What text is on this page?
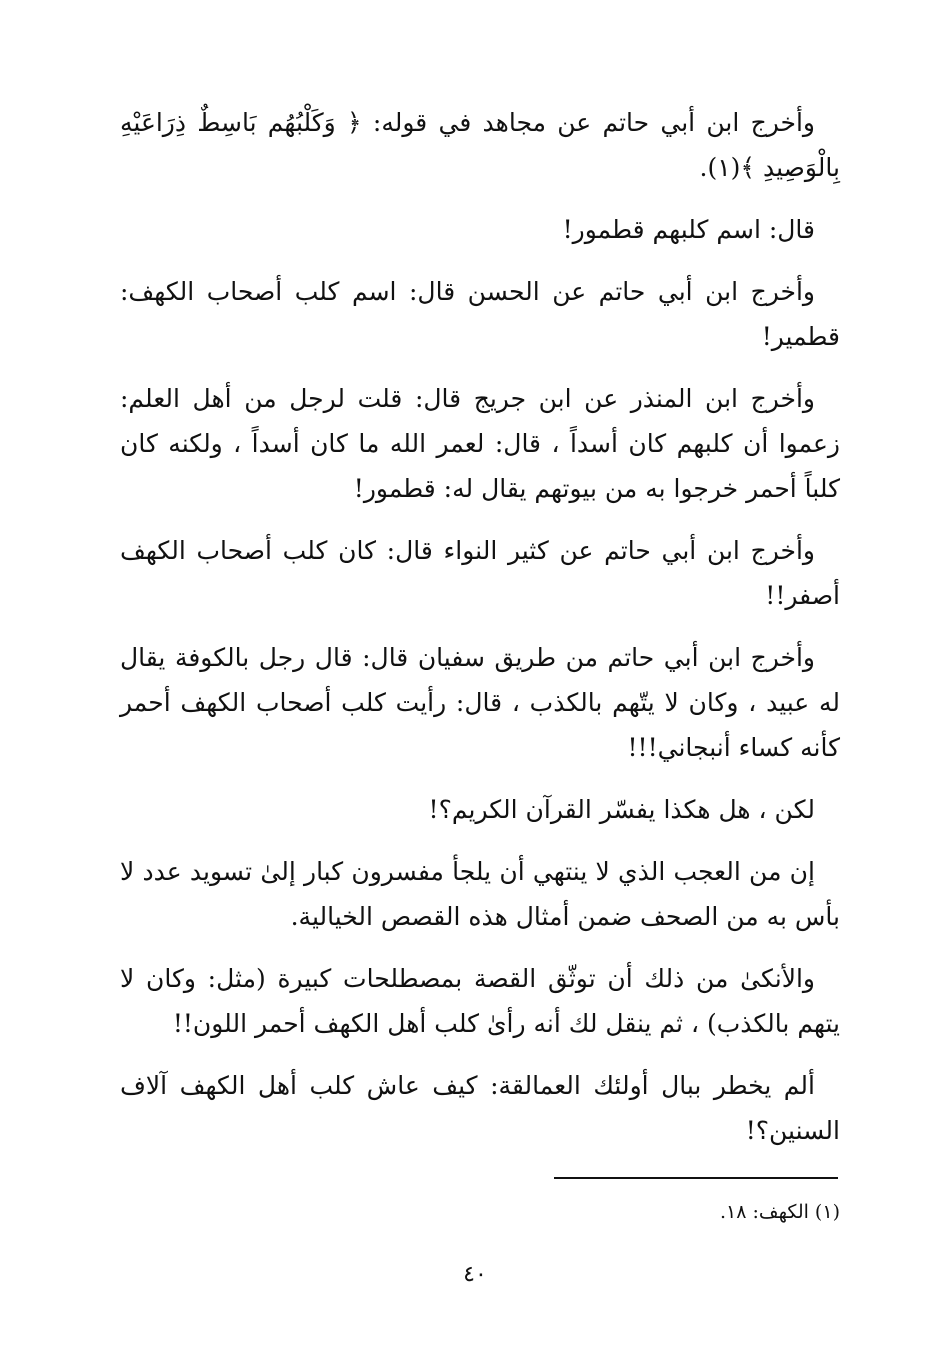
وأخرج ابن أبي حاتم عن مجاهد في قوله: ﴿ وَكَلْبُهُم بَاسِطٌ ذِرَاعَيْهِ بِالْوَصِيدِ ﴾(١).

قال: اسم كلبهم قطمور!

وأخرج ابن أبي حاتم عن الحسن قال: اسم كلب أصحاب الكهف: قطمير!

وأخرج ابن المنذر عن ابن جريج قال: قلت لرجل من أهل العلم: زعموا أن كلبهم كان أسداً ، قال: لعمر الله ما كان أسداً ، ولكنه كان كلباً أحمر خرجوا به من بيوتهم يقال له: قطمور!

وأخرج ابن أبي حاتم عن كثير النواء قال: كان كلب أصحاب الكهف أصفر!!

وأخرج ابن أبي حاتم من طريق سفيان قال: قال رجل بالكوفة يقال له عبيد ، وكان لا يتّهم بالكذب ، قال: رأيت كلب أصحاب الكهف أحمر كأنه كساء أنبجاني!!!

لكن ، هل هكذا يفسّر القرآن الكريم؟!

إن من العجب الذي لا ينتهي أن يلجأ مفسرون كبار إلىٰ تسويد عدد لا بأس به من الصحف ضمن أمثال هذه القصص الخيالية.

والأنكىٰ من ذلك أن توثّق القصة بمصطلحات كبيرة (مثل: وكان لا يتهم بالكذب) ، ثم ينقل لك أنه رأىٰ كلب أهل الكهف أحمر اللون!!

ألم يخطر ببال أولئك العمالقة: كيف عاش كلب أهل الكهف آلاف السنين؟!

(١) الكهف: ١٨.
٤٠
